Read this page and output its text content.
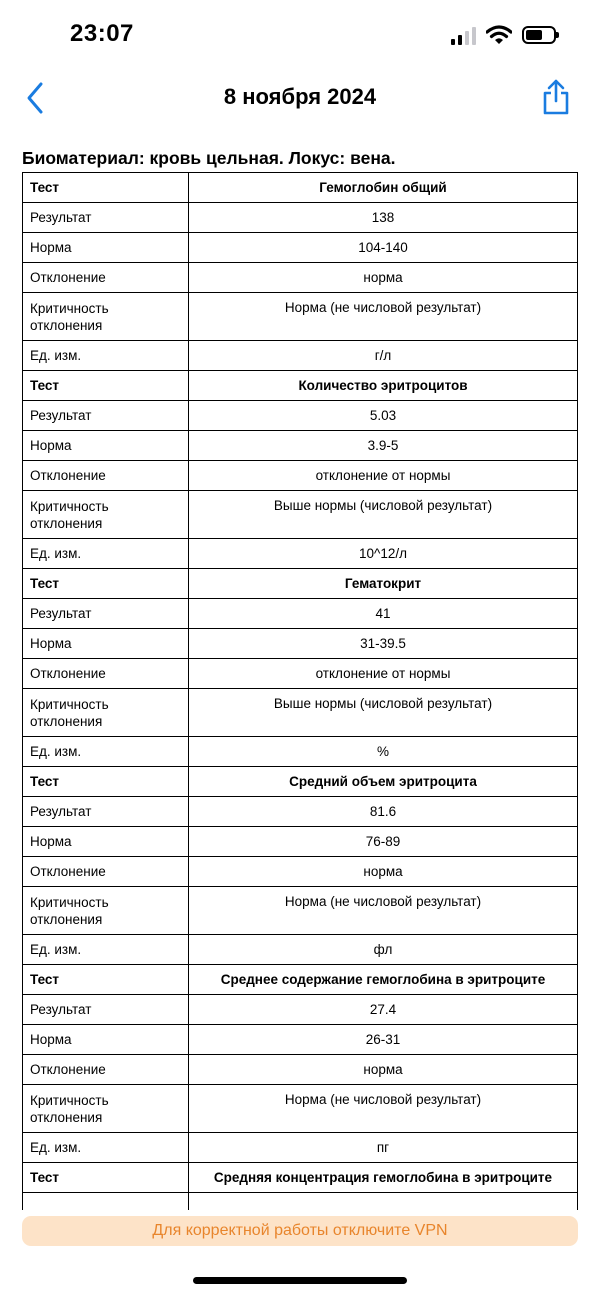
23:07
8 ноября 2024
Биоматериал: кровь цельная. Локус: вена.
Тест	Гемоглобин общий
Результат	138
Норма	104-140
Отклонение	норма
Критичность отклонения	Норма (не числовой результат)
Ед. изм.	г/л
Тест	Количество эритроцитов
Результат	5.03
Норма	3.9-5
Отклонение	отклонение от нормы
Критичность отклонения	Выше нормы (числовой результат)
Ед. изм.	10^12/л
Тест	Гематокрит
Результат	41
Норма	31-39.5
Отклонение	отклонение от нормы
Критичность отклонения	Выше нормы (числовой результат)
Ед. изм.	%
Тест	Средний объем эритроцита
Результат	81.6
Норма	76-89
Отклонение	норма
Критичность отклонения	Норма (не числовой результат)
Ед. изм.	фл
Тест	Среднее содержание гемоглобина в эритроците
Результат	27.4
Норма	26-31
Отклонение	норма
Критичность отклонения	Норма (не числовой результат)
Ед. изм.	пг
Тест	Средняя концентрация гемоглобина в эритроците

Для корректной работы отключите VPN
